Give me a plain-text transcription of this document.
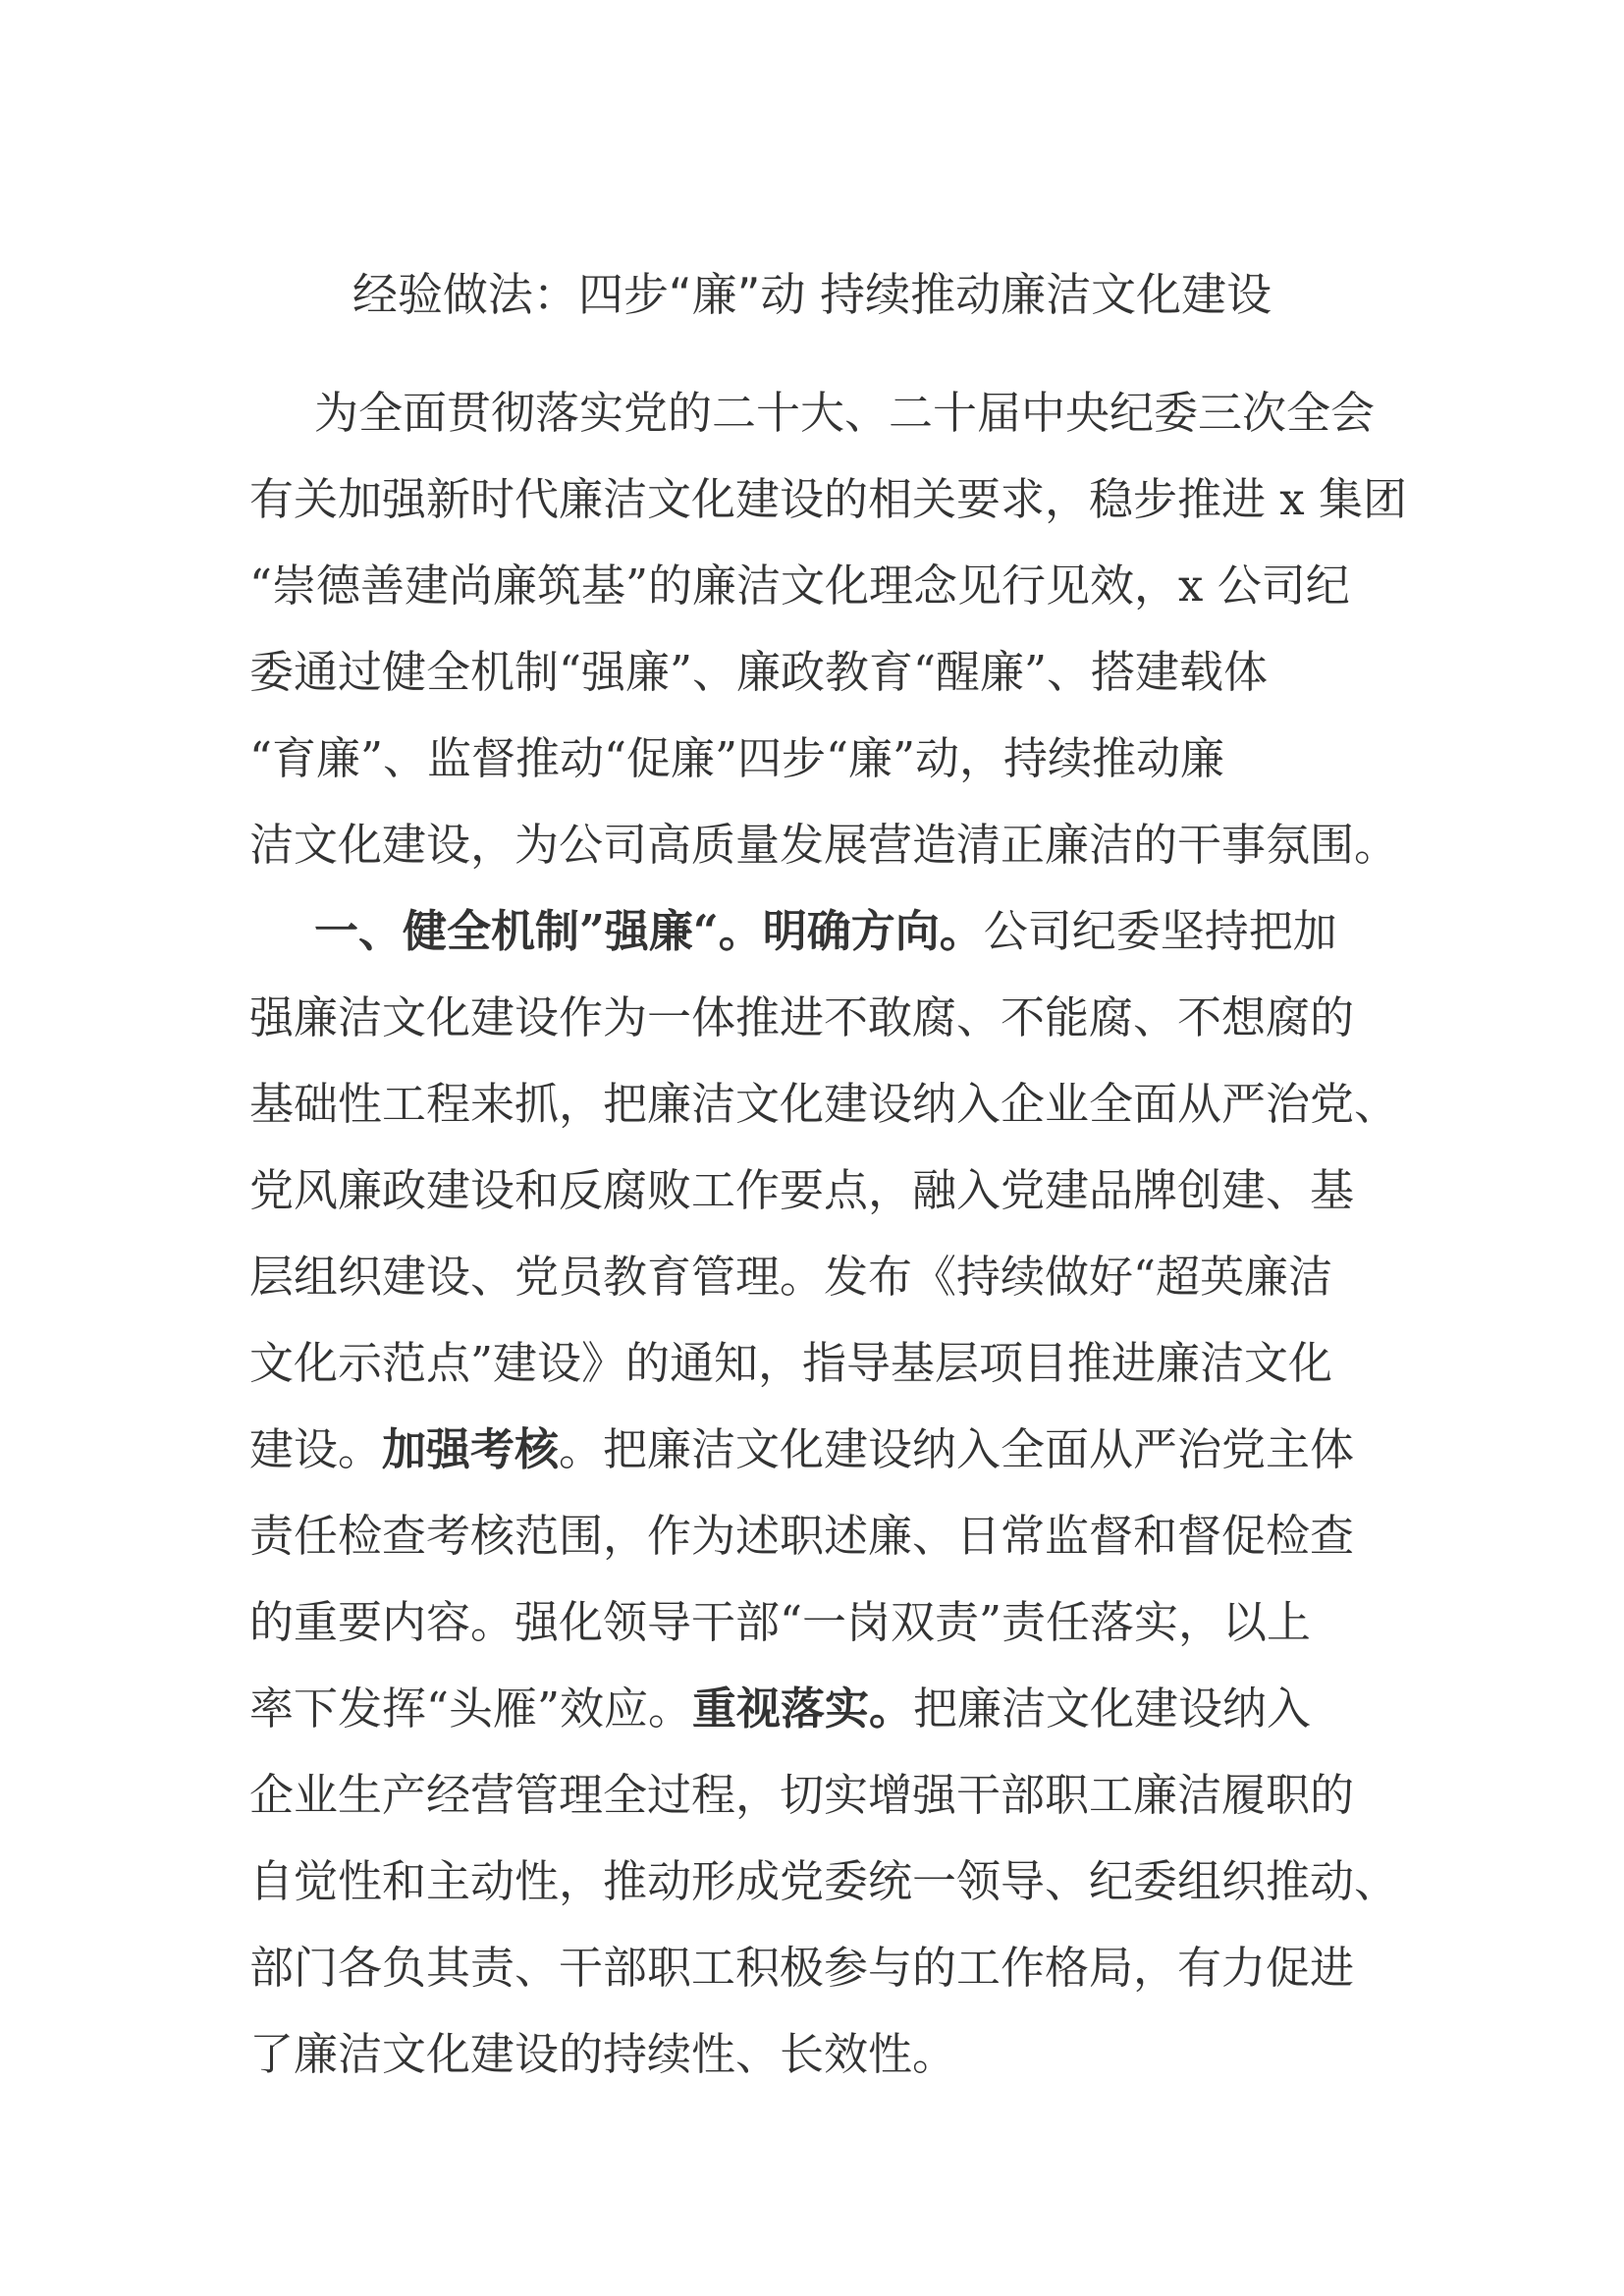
经验做法：四步“廉”动 持续推动廉洁文化建设
为全面贯彻落实党的二十大、二十届中央纪委三次全会
有关加强新时代廉洁文化建设的相关要求，稳步推进 x 集团
“崇德善建尚廉筑基”的廉洁文化理念见行见效，x 公司纪
委通过健全机制“强廉”、廉政教育“醒廉”、搭建载体
“育廉”、监督推动“促廉”四步“廉”动，持续推动廉
洁文化建设，为公司高质量发展营造清正廉洁的干事氛围。
一、健全机制”强廉“。明确方向。公司纪委坚持把加
强廉洁文化建设作为一体推进不敢腐、不能腐、不想腐的
基础性工程来抓，把廉洁文化建设纳入企业全面从严治党、
党风廉政建设和反腐败工作要点，融入党建品牌创建、基
层组织建设、党员教育管理。发布《持续做好“超英廉洁
文化示范点”建设》的通知，指导基层项目推进廉洁文化
建设。加强考核。把廉洁文化建设纳入全面从严治党主体
责任检查考核范围，作为述职述廉、日常监督和督促检查
的重要内容。强化领导干部“一岗双责”责任落实，以上
率下发挥“头雁”效应。重视落实。把廉洁文化建设纳入
企业生产经营管理全过程，切实增强干部职工廉洁履职的
自觉性和主动性，推动形成党委统一领导、纪委组织推动、
部门各负其责、干部职工积极参与的工作格局，有力促进
了廉洁文化建设的持续性、长效性。
